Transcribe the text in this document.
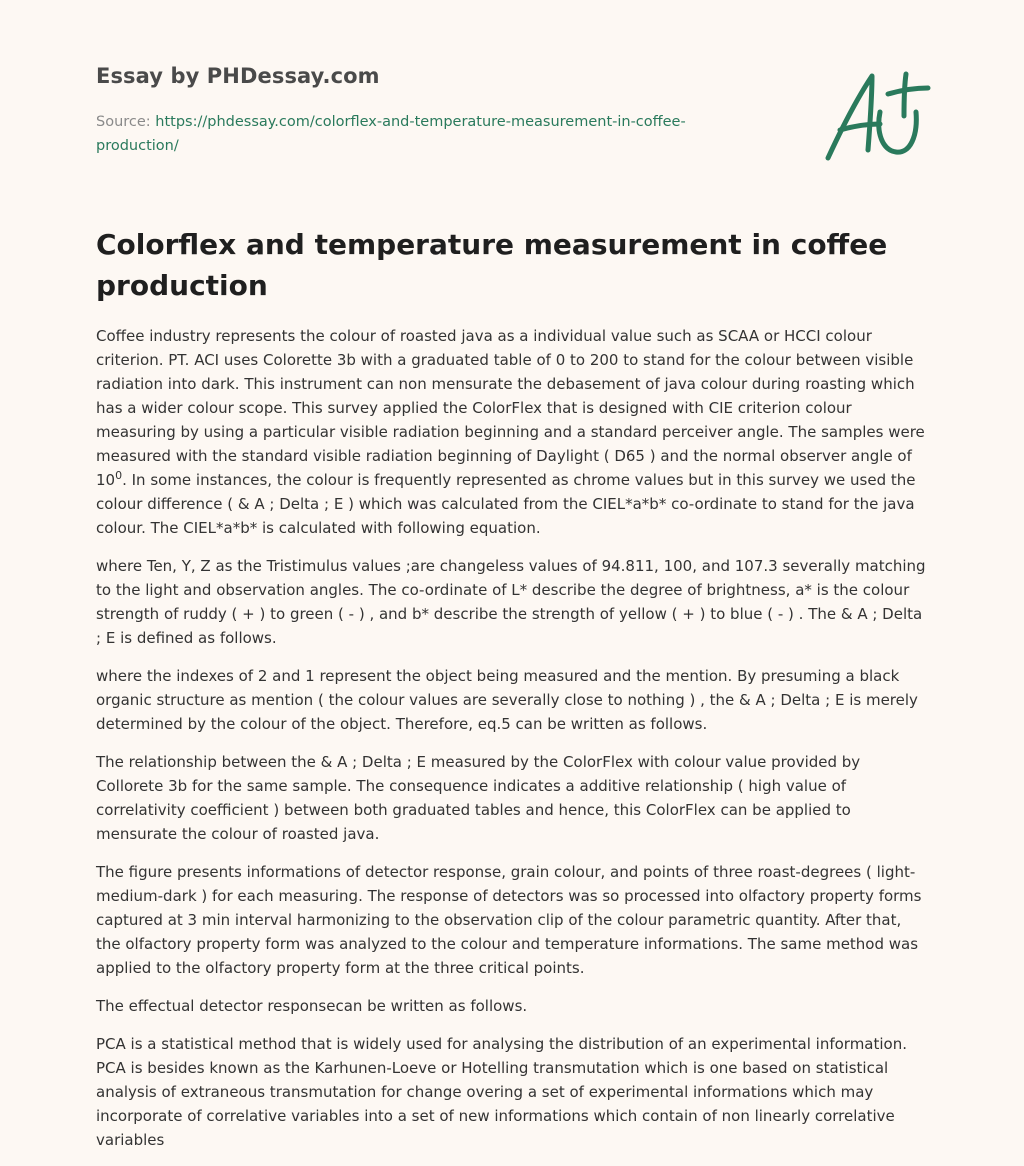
Essay by PHDessay.com

Source: https://phdessay.com/colorflex-and-temperature-measurement-in-coffee-production/

Colorflex and temperature measurement in coffee production

Coffee industry represents the colour of roasted java as a individual value such as SCAA or HCCI colour criterion. PT. ACI uses Colorette 3b with a graduated table of 0 to 200 to stand for the colour between visible radiation into dark. This instrument can non mensurate the debasement of java colour during roasting which has a wider colour scope. This survey applied the ColorFlex that is designed with CIE criterion colour measuring by using a particular visible radiation beginning and a standard perceiver angle. The samples were measured with the standard visible radiation beginning of Daylight ( D65 ) and the normal observer angle of $10^0$. In some instances, the colour is frequently represented as chrome values but in this survey we used the colour difference ( & A ; Delta ; E ) which was calculated from the CIEL*a*b* co-ordinate to stand for the java colour. The CIEL*a*b* is calculated with following equation.

where Ten, Y, Z as the Tristimulus values ;are changeless values of 94.811, 100, and 107.3 severally matching to the light and observation angles. The co-ordinate of L* describe the degree of brightness, a* is the colour strength of ruddy ( + ) to green ( - ) , and b* describe the strength of yellow ( + ) to blue ( - ) . The & A ; Delta ; E is defined as follows.

where the indexes of 2 and 1 represent the object being measured and the mention. By presuming a black organic structure as mention ( the colour values are severally close to nothing ) , the & A ; Delta ; E is merely determined by the colour of the object. Therefore, eq.5 can be written as follows.

The relationship between the & A ; Delta ; E measured by the ColorFlex with colour value provided by Collorete 3b for the same sample. The consequence indicates a additive relationship ( high value of correlativity coefficient ) between both graduated tables and hence, this ColorFlex can be applied to mensurate the colour of roasted java.

The figure presents informations of detector response, grain colour, and points of three roast-degrees ( light-medium-dark ) for each measuring. The response of detectors was so processed into olfactory property forms captured at 3 min interval harmonizing to the observation clip of the colour parametric quantity. After that, the olfactory property form was analyzed to the colour and temperature informations. The same method was applied to the olfactory property form at the three critical points.

The effectual detector responsecan be written as follows.

PCA is a statistical method that is widely used for analysing the distribution of an experimental information. PCA is besides known as the Karhunen-Loeve or Hotelling transmutation which is one based on statistical analysis of extraneous transmutation for change overing a set of experimental informations which may incorporate of correlative variables into a set of new informations which contain of non linearly correlative variables
